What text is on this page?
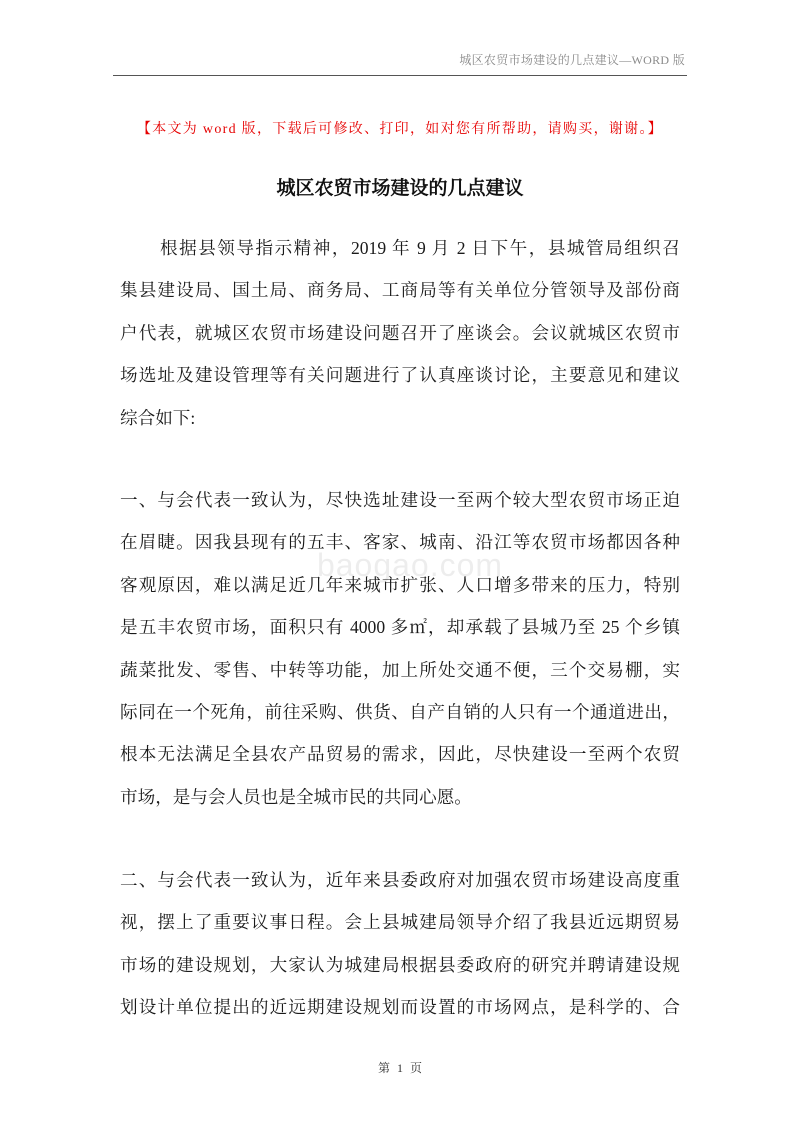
城区农贸市场建设的几点建议—WORD 版
【本文为 word 版，下载后可修改、打印，如对您有所帮助，请购买，谢谢。】
城区农贸市场建设的几点建议
根据县领导指示精神，2019 年 9 月 2 日下午，县城管局组织召
集县建设局、国土局、商务局、工商局等有关单位分管领导及部份商
户代表，就城区农贸市场建设问题召开了座谈会。会议就城区农贸市
场选址及建设管理等有关问题进行了认真座谈讨论，主要意见和建议
综合如下:
一、与会代表一致认为，尽快选址建设一至两个较大型农贸市场正迫
在眉睫。因我县现有的五丰、客家、城南、沿江等农贸市场都因各种
客观原因，难以满足近几年来城市扩张、人口增多带来的压力，特别
是五丰农贸市场，面积只有 4000 多㎡，却承载了县城乃至 25 个乡镇
蔬菜批发、零售、中转等功能，加上所处交通不便，三个交易棚，实
际同在一个死角，前往采购、供货、自产自销的人只有一个通道进出，
根本无法满足全县农产品贸易的需求，因此，尽快建设一至两个农贸
市场，是与会人员也是全城市民的共同心愿。
baogao.com
二、与会代表一致认为，近年来县委政府对加强农贸市场建设高度重
视，摆上了重要议事日程。会上县城建局领导介绍了我县近远期贸易
市场的建设规划，大家认为城建局根据县委政府的研究并聘请建设规
划设计单位提出的近远期建设规划而设置的市场网点，是科学的、合
第 1 页
